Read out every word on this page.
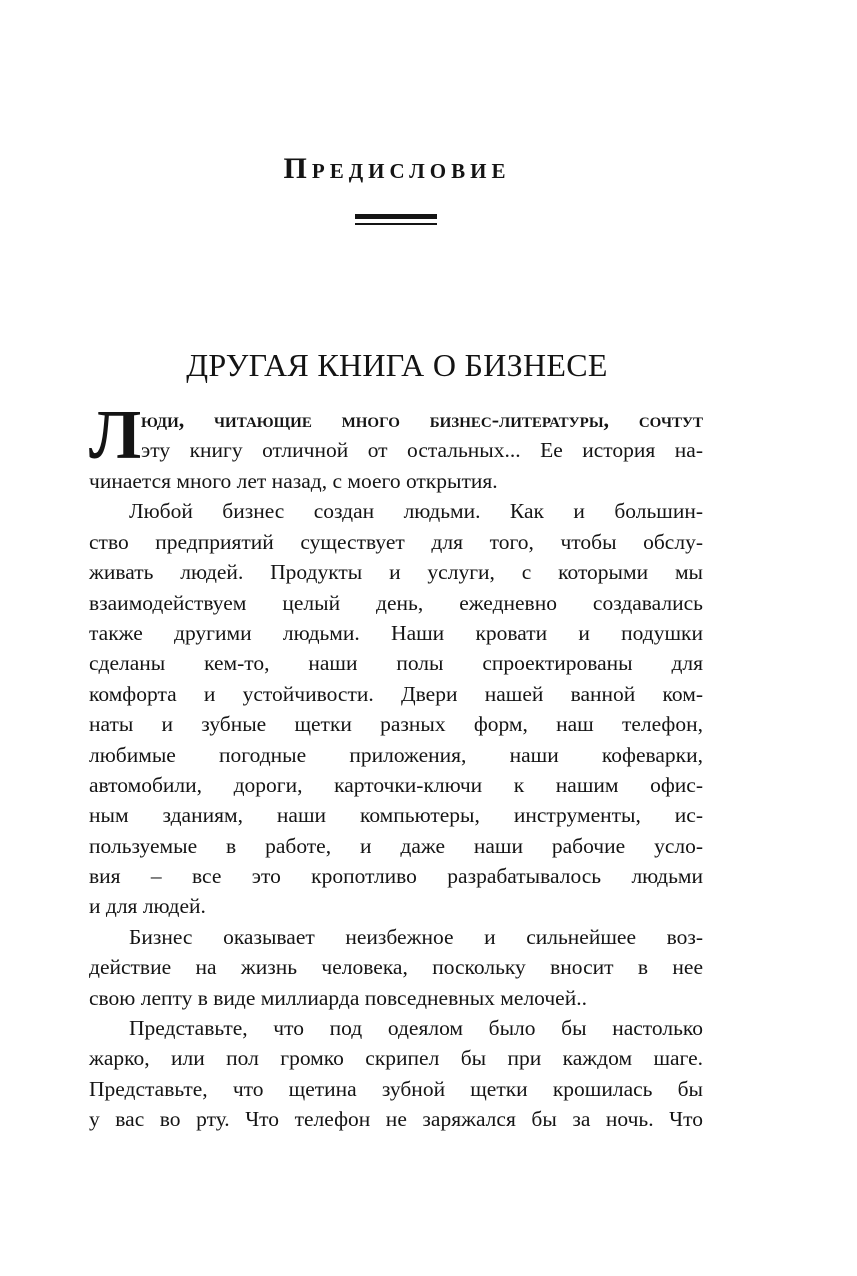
Предисловие
ДРУГАЯ КНИГА О БИЗНЕСЕ
Л юди, читающие много бизнес-литературы, сочтут
эту книгу отличной от остальных... Ее история на-
чинается много лет назад, с моего открытия.
Любой бизнес создан людьми. Как и большин-
ство предприятий существует для того, чтобы обслу-
живать людей. Продукты и услуги, с которыми мы
взаимодействуем целый день, ежедневно создавались
также другими людьми. Наши кровати и подушки
сделаны кем-то, наши полы спроектированы для
комфорта и устойчивости. Двери нашей ванной ком-
наты и зубные щетки разных форм, наш телефон,
любимые погодные приложения, наши кофеварки,
автомобили, дороги, карточки-ключи к нашим офис-
ным зданиям, наши компьютеры, инструменты, ис-
пользуемые в работе, и даже наши рабочие усло-
вия – все это кропотливо разрабатывалось людьми
и для людей.
Бизнес оказывает неизбежное и сильнейшее воз-
действие на жизнь человека, поскольку вносит в нее
свою лепту в виде миллиарда повседневных мелочей..
Представьте, что под одеялом было бы настолько
жарко, или пол громко скрипел бы при каждом шаге.
Представьте, что щетина зубной щетки крошилась бы
у вас во рту. Что телефон не заряжался бы за ночь. Что
